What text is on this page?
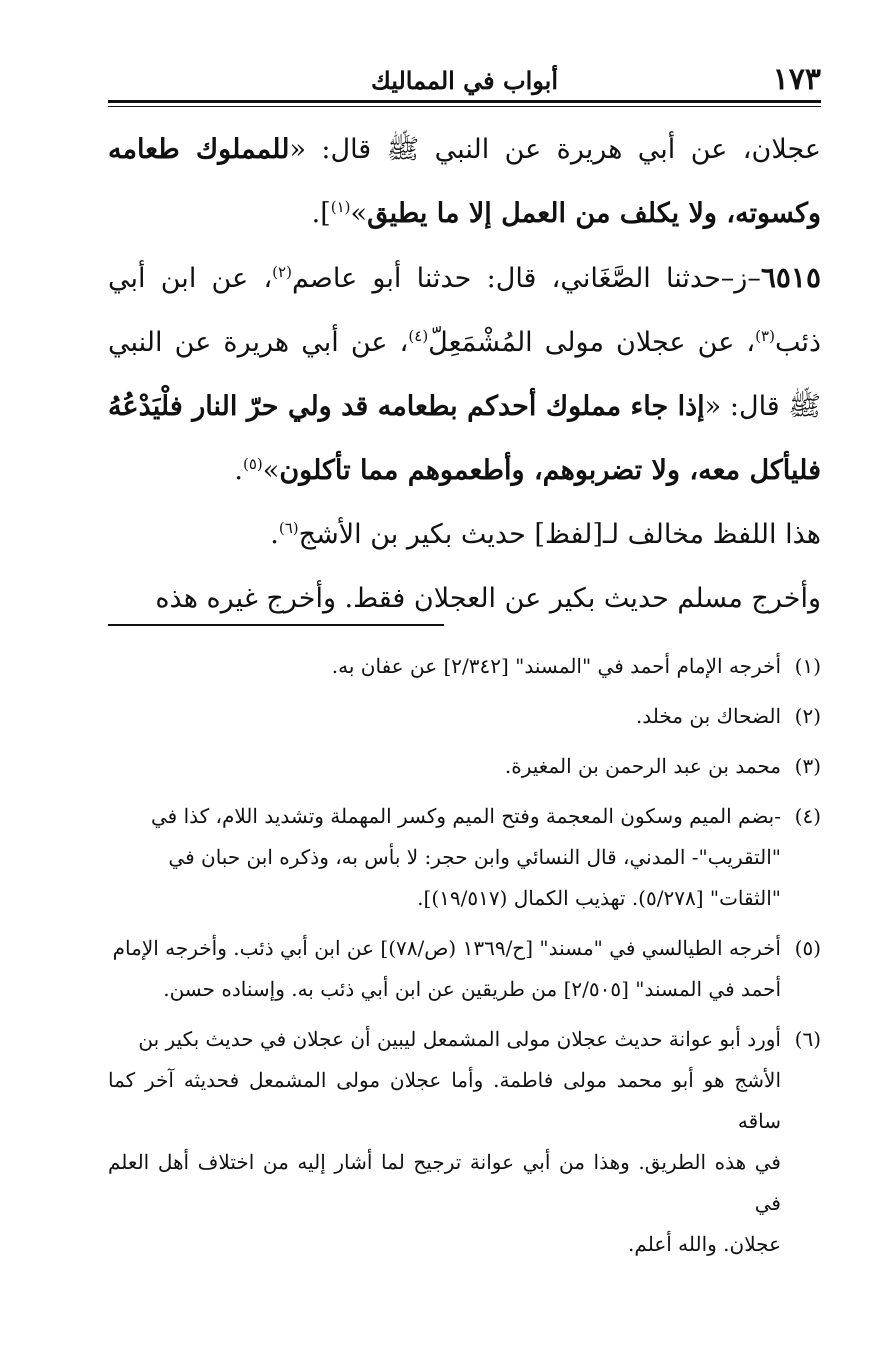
١٧٣
أبواب في المماليك

عجلان، عن أبي هريرة عن النبي ﷺ قال: «للمملوك طعامه وكسوته، ولا يكلف من العمل إلا ما يطيق»$^{(١)}$].

٦٥١٥–ز–حدثنا الصَّغَاني، قال: حدثنا أبو عاصم$^{(٢)}$، عن ابن أبي ذئب$^{(٣)}$، عن عجلان مولى المُشْمَعِلّ$^{(٤)}$، عن أبي هريرة عن النبي ﷺ قال: «إذا جاء مملوك أحدكم بطعامه قد ولي حرّ النار فلْيَدْعُهُ فليأكل معه، ولا تضربوهم، وأطعموهم مما تأكلون»$^{(٥)}$.

هذا اللفظ مخالف لـ[لفظ] حديث بكير بن الأشج$^{(٦)}$.

وأخرج مسلم حديث بكير عن العجلان فقط. وأخرج غيره هذه

(١)
أخرجه الإمام أحمد في "المسند" [٢/٣٤٢] عن عفان به.
(٢)
الضحاك بن مخلد.
(٣)
محمد بن عبد الرحمن بن المغيرة.
(٤)
-بضم الميم وسكون المعجمة وفتح الميم وكسر المهملة وتشديد اللام، كذا في
"التقريب"- المدني، قال النسائي وابن حجر: لا بأس به، وذكره ابن حبان في
"الثقات" [٥/٢٧٨). تهذيب الكمال (١٩/٥١٧)].
(٥)
أخرجه الطيالسي في "مسند" [ح/١٣٦٩ (ص/٧٨)] عن ابن أبي ذئب. وأخرجه الإمام
أحمد في المسند" [٢/٥٠٥] من طريقين عن ابن أبي ذئب به. وإسناده حسن.
(٦)
أورد أبو عوانة حديث عجلان مولى المشمعل ليبين أن عجلان في حديث بكير بن
الأشج هو أبو محمد مولى فاطمة. وأما عجلان مولى المشمعل فحديثه آخر كما ساقه
في هذه الطريق. وهذا من أبي عوانة ترجيح لما أشار إليه من اختلاف أهل العلم في
عجلان. والله أعلم.
